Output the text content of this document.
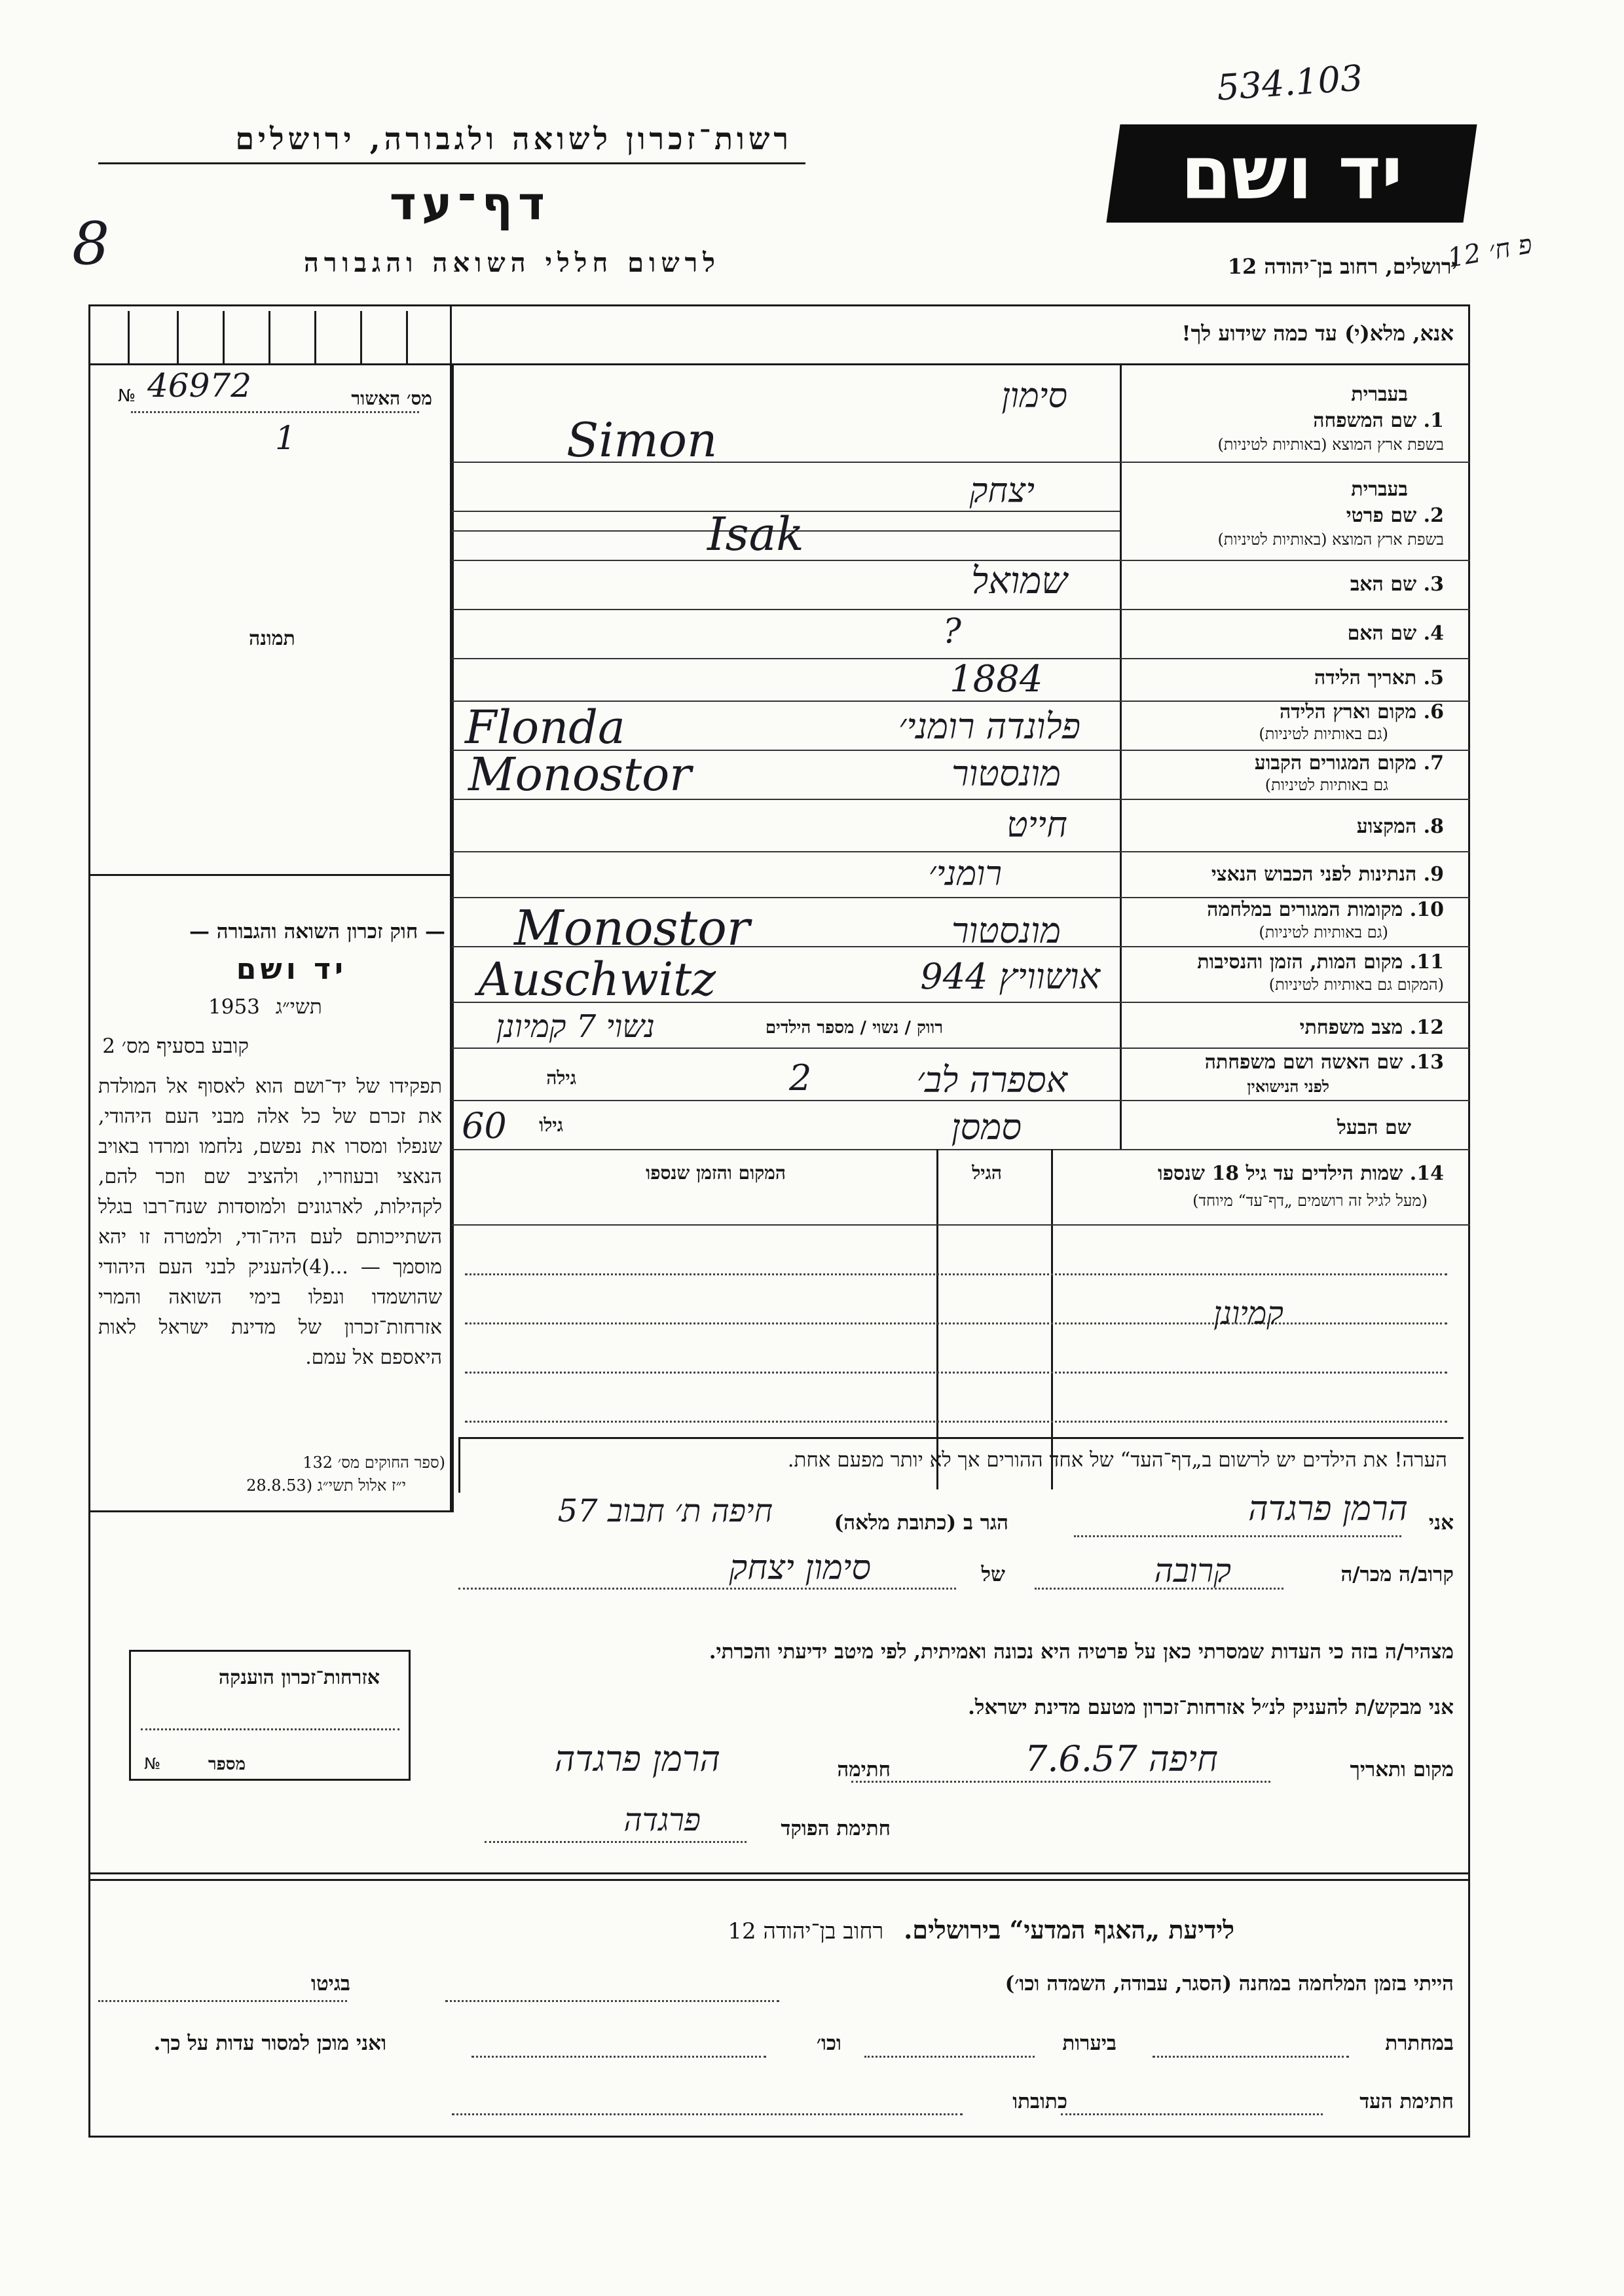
534.103
רשות־זכרון לשואה ולגבורה, ירושלים
דף־עד
8	לרשום חללי השואה והגבורה
יד ושם
ירושלים, רחוב בן־יהודה 12
פ ח׳ 12
אנא, מלא(י) עד כמה שידוע לך!
№ 46972	מס׳ האשור
1
תמונה
— חוק זכרון השואה והגבורה —
יד ושם
1953 תשי״ג
קובע בסעיף מס׳ 2
תפקידו של יד־ושם הוא לאסוף אל המולדת את זכרם של כל אלה מבני העם היהודי, שנפלו ומסרו את נפשם, נלחמו ומרדו באויב הנאצי ובעוזריו, ולהציב שם וזכר להם, לקהילות, לארגונים ולמוסדות שנח־רבו בגלל השתייכותם לעם היה־ודי, ולמטרה זו יהא מוסמך — ...(4)להעניק לבני העם היהודי שהושמדו ונפלו בימי השואה והמרי אזרחות־זכרון של מדינת ישראל לאות היאספם אל עמם.
(ספר החוקים מס׳ 132
י״ז אלול תשי״ג (28.8.53
בעברית
1. שם המשפחה
בשפת ארץ המוצא (באותיות לטיניות)
סימון
Simon
בעברית
2. שם פרטי
בשפת ארץ המוצא (באותיות לטיניות)
יצחק
Isak
3. שם האב
שמואל
4. שם האם
?
5. תאריך הלידה
1884
6. מקום וארץ הלידה
(גם באותיות לטיניות)
פלונדה רומני׳
Flonda
7. מקום המגורים הקבוע
גם באותיות לטיניות)
מונסטור
Monostor
8. המקצוע
חייט
9. הנתינות לפני הכבוש הנאצי
רומני׳
10. מקומות המגורים במלחמה
(גם באותיות לטיניות)
מונסטור
Monostor
11. מקום המות, הזמן והנסיבות
(המקום גם באותיות לטיניות)
אושוויץ 944
Auschwitz
12. מצב משפחתי
רווק / נשוי / מספר הילדים
נשוי 7 קמיונן
13. שם האשה ושם משפחתה
לפני הנישואין
גילה	אספרה לב׳
2
שם הבעל
גילו	סמסן
60
14. שמות הילדים עד גיל 18 שנספו
(מעל לגיל זה רושמים „דף־עד“ מיוחד)
הגיל
המקום והזמן שנספו
קמיונן
הערה! את הילדים יש לרשום ב„דף־העד“ של אחד ההורים אך לא יותר מפעם אחת.
אני
הרמן פרגדה
הגר ב (כתובת מלאה)
חיפה ת׳ חבוב 57
קרוב/ה מכר/ה
קרובה
של
סימון יצחק
מצהיר/ה בזה כי העדות שמסרתי כאן על פרטיה היא נכונה ואמיתית, לפי מיטב ידיעתי והכרתי.
אני מבקש/ת להעניק לנ״ל אזרחות־זכרון מטעם מדינת ישראל.
מקום ותאריך
חיפה 7.6.57
חתימה
הרמן פרגדה
חתימת הפוקד
פרגדה
אזרחות־זכרון הוענקה
№	מספר
לידיעת „האגף המדעי“ בירושלים. רחוב בן־יהודה 12
הייתי בזמן המלחמה במחנה (הסגר, עבודה, השמדה וכו׳)
בגיטו
במחתרת
ביערות
וכו׳
ואני מוכן למסור עדות על כך.
חתימת העד
כתובתו
